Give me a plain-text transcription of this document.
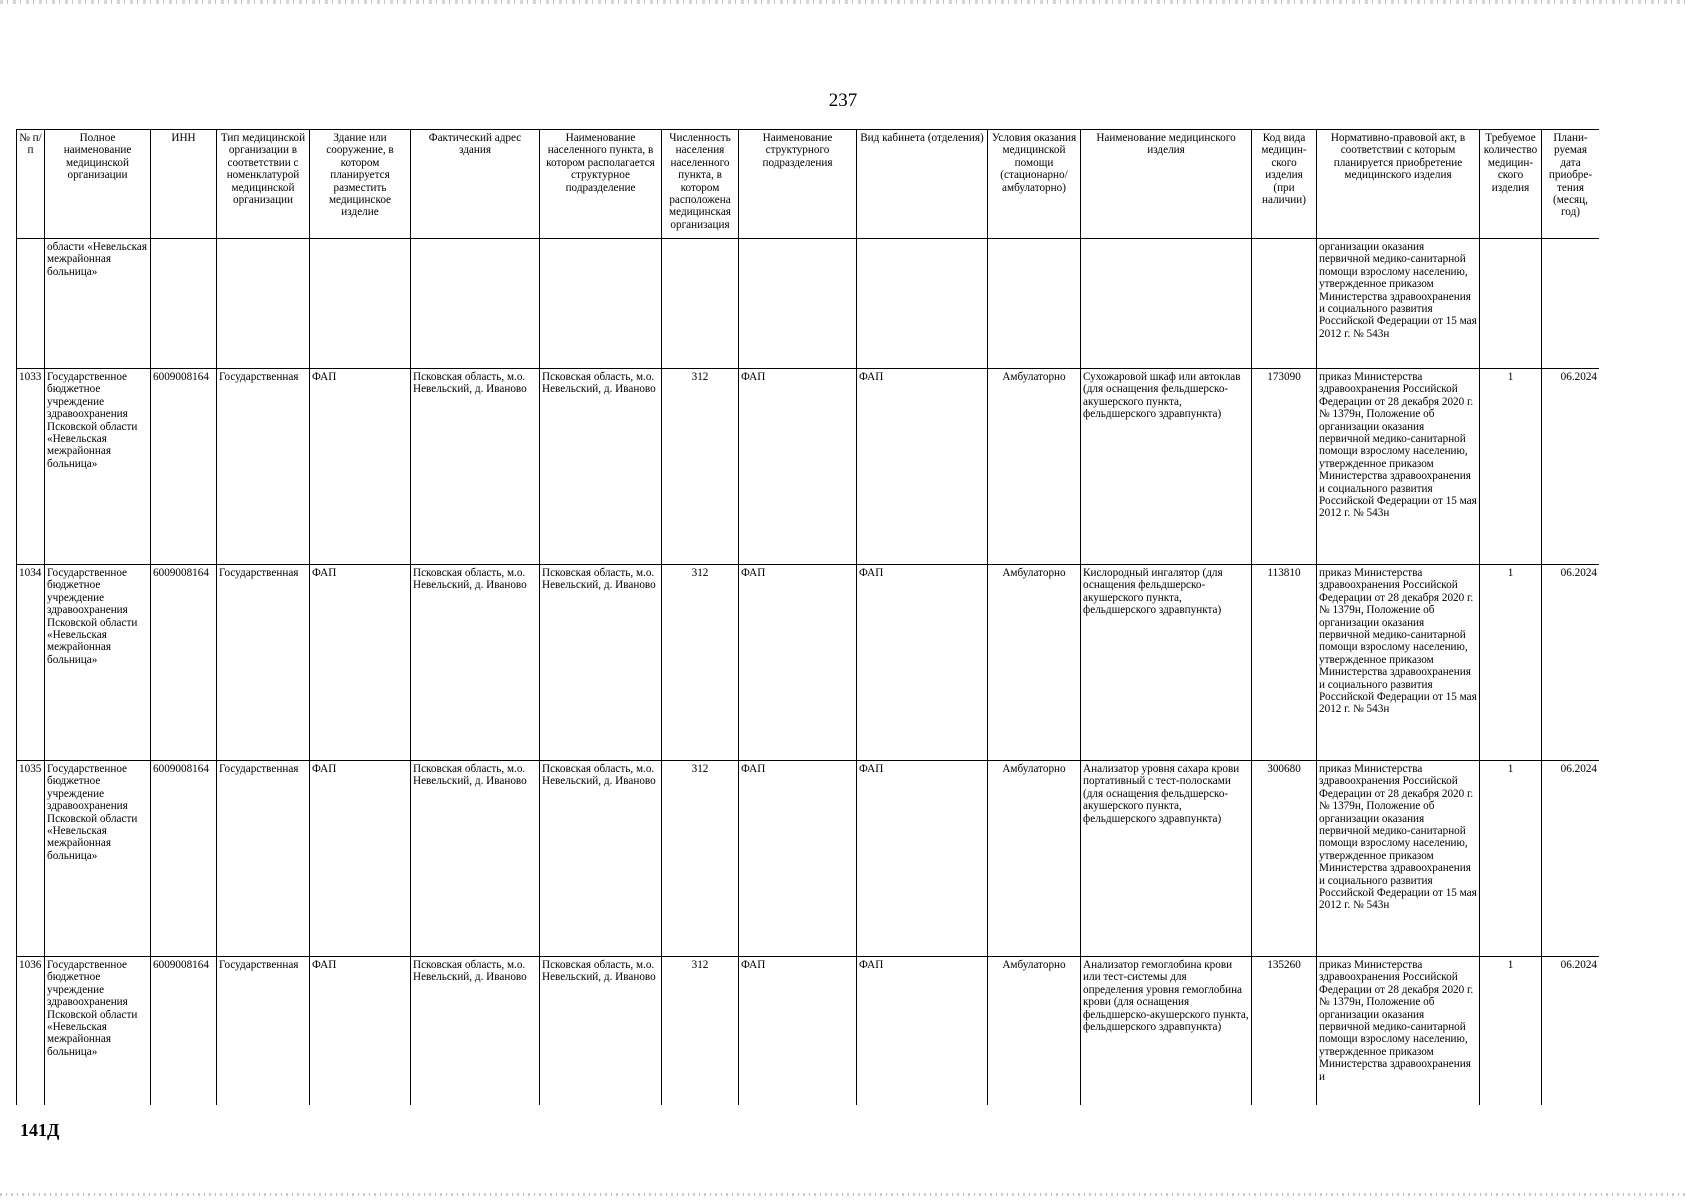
237
№ п/п	Полное наименование медицинской организации	ИНН	Тип медицинской организации в соответствии с номенклатурой медицинской организации	Здание или сооружение, в котором планируется разместить медицинское изделие	Фактический адрес здания	Наименование населенного пункта, в котором располагается структурное подразделение	Численность населения населенного пункта, в котором расположена медицинская организация	Наименование структурного подразделения	Вид кабинета (отделения)	Условия оказания медицинской помощи (стационарно/ амбулаторно)	Наименование медицинского изделия	Код вида медицин-ского изделия (при наличии)	Нормативно-правовой акт, в соответствии с которым планируется приобретение медицинского изделия	Требуемое количество медицин-ского изделия	Плани-руемая дата приобре-тения (месяц, год)
	области «Невельская межрайонная больница»												организации оказания первичной медико-санитарной помощи взрослому населению, утвержденное приказом Министерства здравоохранения и социального развития Российской Федерации от 15 мая 2012 г. № 543н		
1033	Государственное бюджетное учреждение здравоохранения Псковской области «Невельская межрайонная больница»	6009008164	Государственная	ФАП	Псковская область, м.о. Невельский, д. Иваново	Псковская область, м.о. Невельский, д. Иваново	312	ФАП	ФАП	Амбулаторно	Сухожаровой шкаф или автоклав (для оснащения фельдшерско-акушерского пункта, фельдшерского здравпункта)	173090	приказ Министерства здравоохранения Российской Федерации от 28 декабря 2020 г. № 1379н, Положение об организации оказания первичной медико-санитарной помощи взрослому населению, утвержденное приказом Министерства здравоохранения и социального развития Российской Федерации от 15 мая 2012 г. № 543н	1	06.2024
1034	Государственное бюджетное учреждение здравоохранения Псковской области «Невельская межрайонная больница»	6009008164	Государственная	ФАП	Псковская область, м.о. Невельский, д. Иваново	Псковская область, м.о. Невельский, д. Иваново	312	ФАП	ФАП	Амбулаторно	Кислородный ингалятор (для оснащения фельдшерско-акушерского пункта, фельдшерского здравпункта)	113810	приказ Министерства здравоохранения Российской Федерации от 28 декабря 2020 г. № 1379н, Положение об организации оказания первичной медико-санитарной помощи взрослому населению, утвержденное приказом Министерства здравоохранения и социального развития Российской Федерации от 15 мая 2012 г. № 543н	1	06.2024
1035	Государственное бюджетное учреждение здравоохранения Псковской области «Невельская межрайонная больница»	6009008164	Государственная	ФАП	Псковская область, м.о. Невельский, д. Иваново	Псковская область, м.о. Невельский, д. Иваново	312	ФАП	ФАП	Амбулаторно	Анализатор уровня сахара крови портативный с тест-полосками (для оснащения фельдшерско-акушерского пункта, фельдшерского здравпункта)	300680	приказ Министерства здравоохранения Российской Федерации от 28 декабря 2020 г. № 1379н, Положение об организации оказания первичной медико-санитарной помощи взрослому населению, утвержденное приказом Министерства здравоохранения и социального развития Российской Федерации от 15 мая 2012 г. № 543н	1	06.2024
1036	Государственное бюджетное учреждение здравоохранения Псковской области «Невельская межрайонная больница»	6009008164	Государственная	ФАП	Псковская область, м.о. Невельский, д. Иваново	Псковская область, м.о. Невельский, д. Иваново	312	ФАП	ФАП	Амбулаторно	Анализатор гемоглобина крови или тест-системы для определения уровня гемоглобина крови (для оснащения фельдшерско-акушерского пункта, фельдшерского здравпункта)	135260	приказ Министерства здравоохранения Российской Федерации от 28 декабря 2020 г. № 1379н, Положение об организации оказания первичной медико-санитарной помощи взрослому населению, утвержденное приказом Министерства здравоохранения и	1	06.2024
141Д
